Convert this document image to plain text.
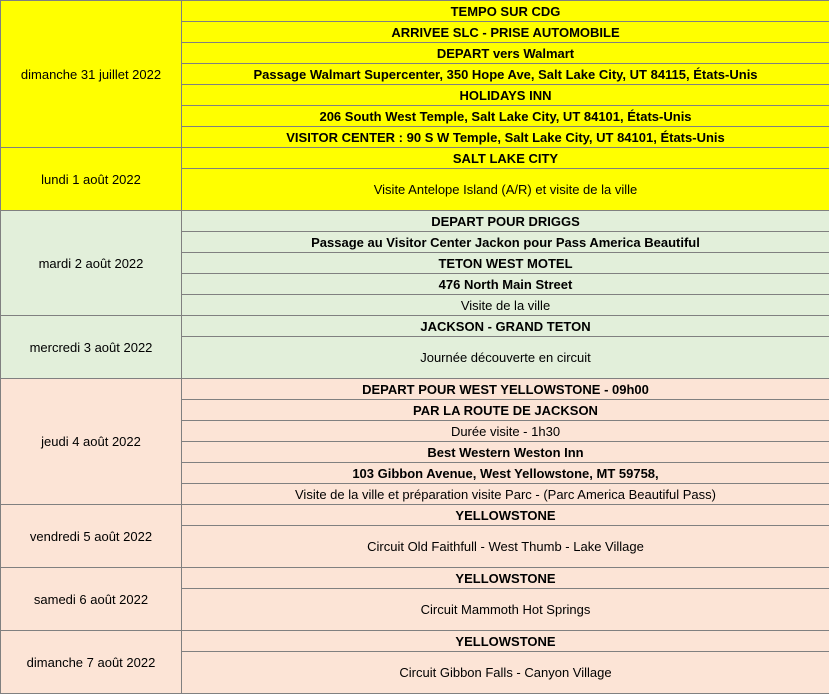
dimanche 31 juillet 2022	TEMPO SUR CDG
	ARRIVEE SLC - PRISE AUTOMOBILE
	DEPART vers Walmart
	Passage Walmart Supercenter, 350 Hope Ave, Salt Lake City, UT 84115, États-Unis
	HOLIDAYS INN
	206 South West Temple, Salt Lake City, UT 84101, États-Unis
	VISITOR CENTER : 90 S W Temple, Salt Lake City, UT 84101, États-Unis
lundi 1 août 2022	SALT LAKE CITY
	Visite Antelope Island (A/R) et visite de la ville
mardi 2 août 2022	DEPART POUR DRIGGS
	Passage au Visitor Center Jackon pour Pass America Beautiful
	TETON WEST MOTEL
	476 North Main Street
	Visite de la ville
mercredi 3 août 2022	JACKSON - GRAND TETON
	Journée découverte en circuit
jeudi 4 août 2022	DEPART POUR WEST YELLOWSTONE - 09h00
	PAR LA ROUTE DE JACKSON
	Durée visite - 1h30
	Best Western Weston Inn
	103 Gibbon Avenue, West Yellowstone, MT 59758,
	Visite de la ville et préparation visite Parc - (Parc America Beautiful Pass)
vendredi 5 août 2022	YELLOWSTONE
	Circuit Old Faithfull - West Thumb - Lake Village
samedi 6 août 2022	YELLOWSTONE
	Circuit Mammoth Hot Springs
dimanche 7 août 2022	YELLOWSTONE
	Circuit Gibbon Falls - Canyon Village
